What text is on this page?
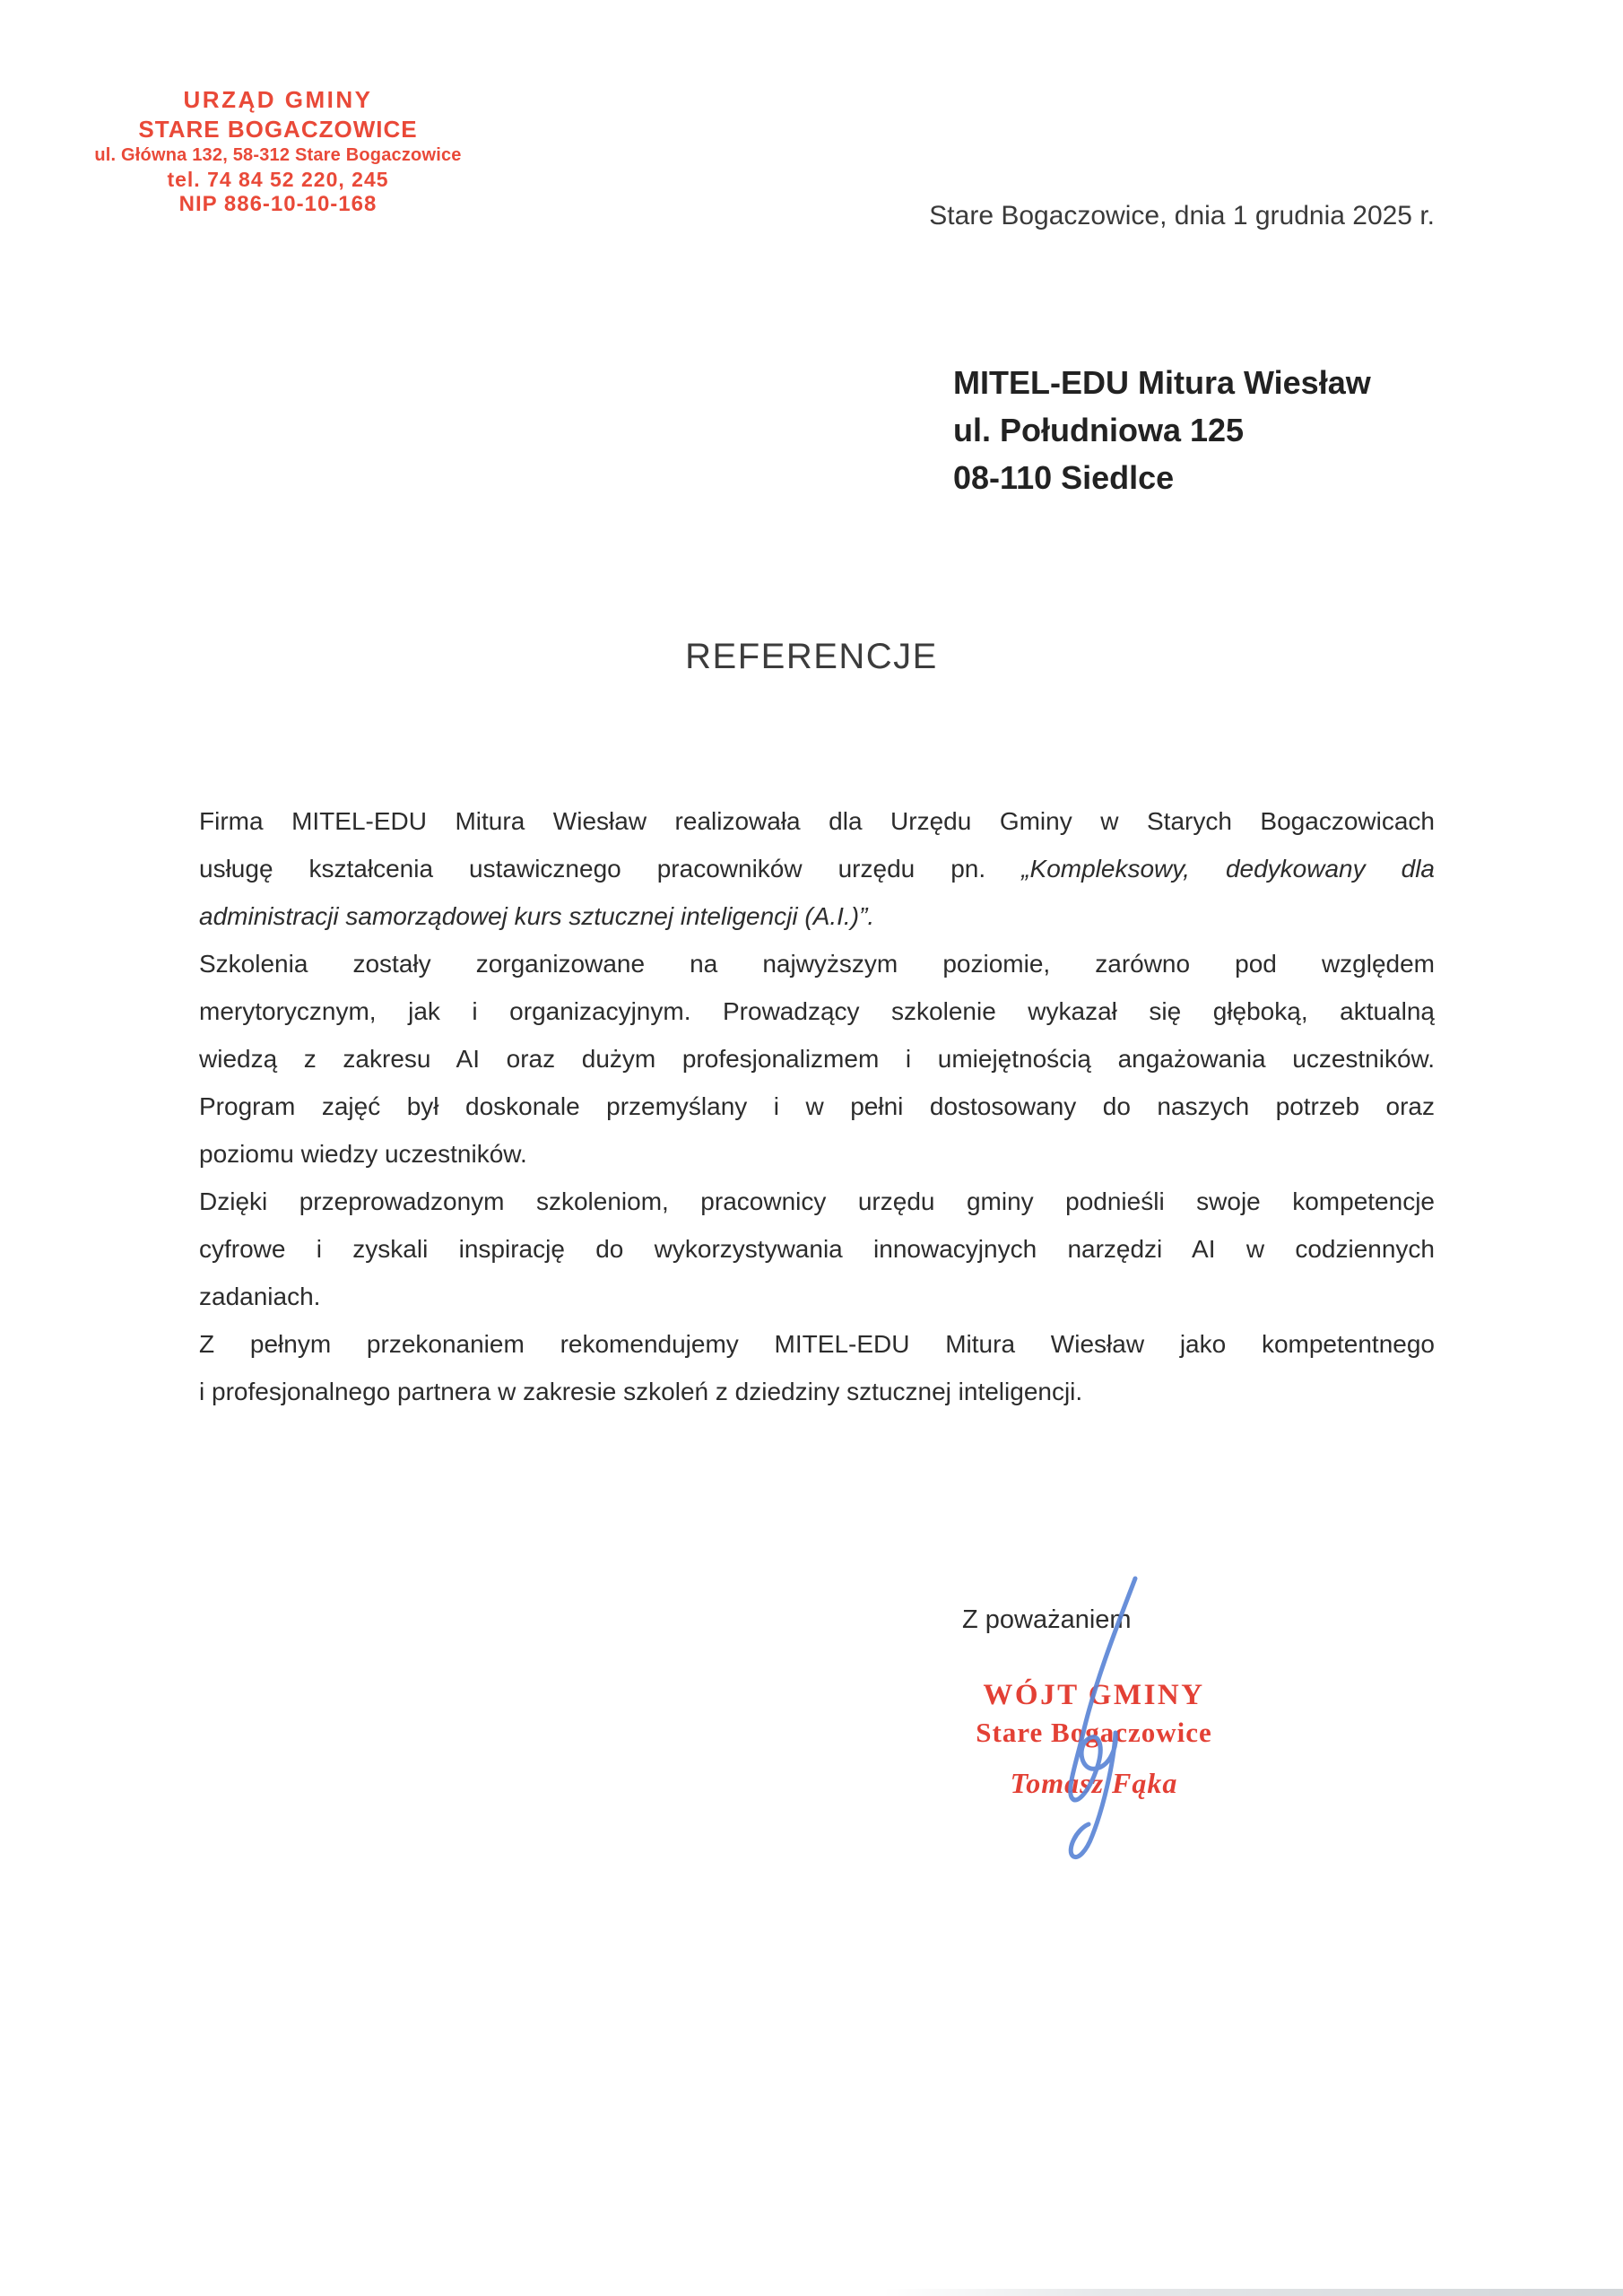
URZĄD GMINY
STARE BOGACZOWICE
ul. Główna 132, 58-312 Stare Bogaczowice
tel. 74 84 52 220, 245
NIP 886-10-10-168	Stare Bogaczowice, dnia 1 grudnia 2025 r.
MITEL-EDU Mitura Wiesław
ul. Południowa 125
08-110 Siedlce
REFERENCJE
Firma MITEL-EDU Mitura Wiesław realizowała dla Urzędu Gminy w Starych Bogaczowicach
usługę kształcenia ustawicznego pracowników urzędu pn. „Kompleksowy, dedykowany dla
administracji samorządowej kurs sztucznej inteligencji (A.I.)”.
Szkolenia zostały zorganizowane na najwyższym poziomie, zarówno pod względem
merytorycznym, jak i organizacyjnym. Prowadzący szkolenie wykazał się głęboką, aktualną
wiedzą z zakresu AI oraz dużym profesjonalizmem i umiejętnością angażowania uczestników.
Program zajęć był doskonale przemyślany i w pełni dostosowany do naszych potrzeb oraz
poziomu wiedzy uczestników.
Dzięki przeprowadzonym szkoleniom, pracownicy urzędu gminy podnieśli swoje kompetencje
cyfrowe i zyskali inspirację do wykorzystywania innowacyjnych narzędzi AI w codziennych
zadaniach.
Z pełnym przekonaniem rekomendujemy MITEL-EDU Mitura Wiesław jako kompetentnego
i profesjonalnego partnera w zakresie szkoleń z dziedziny sztucznej inteligencji.
Z poważaniem
WÓJT GMINY
Stare Bogaczowice
Tomasz Fąka
